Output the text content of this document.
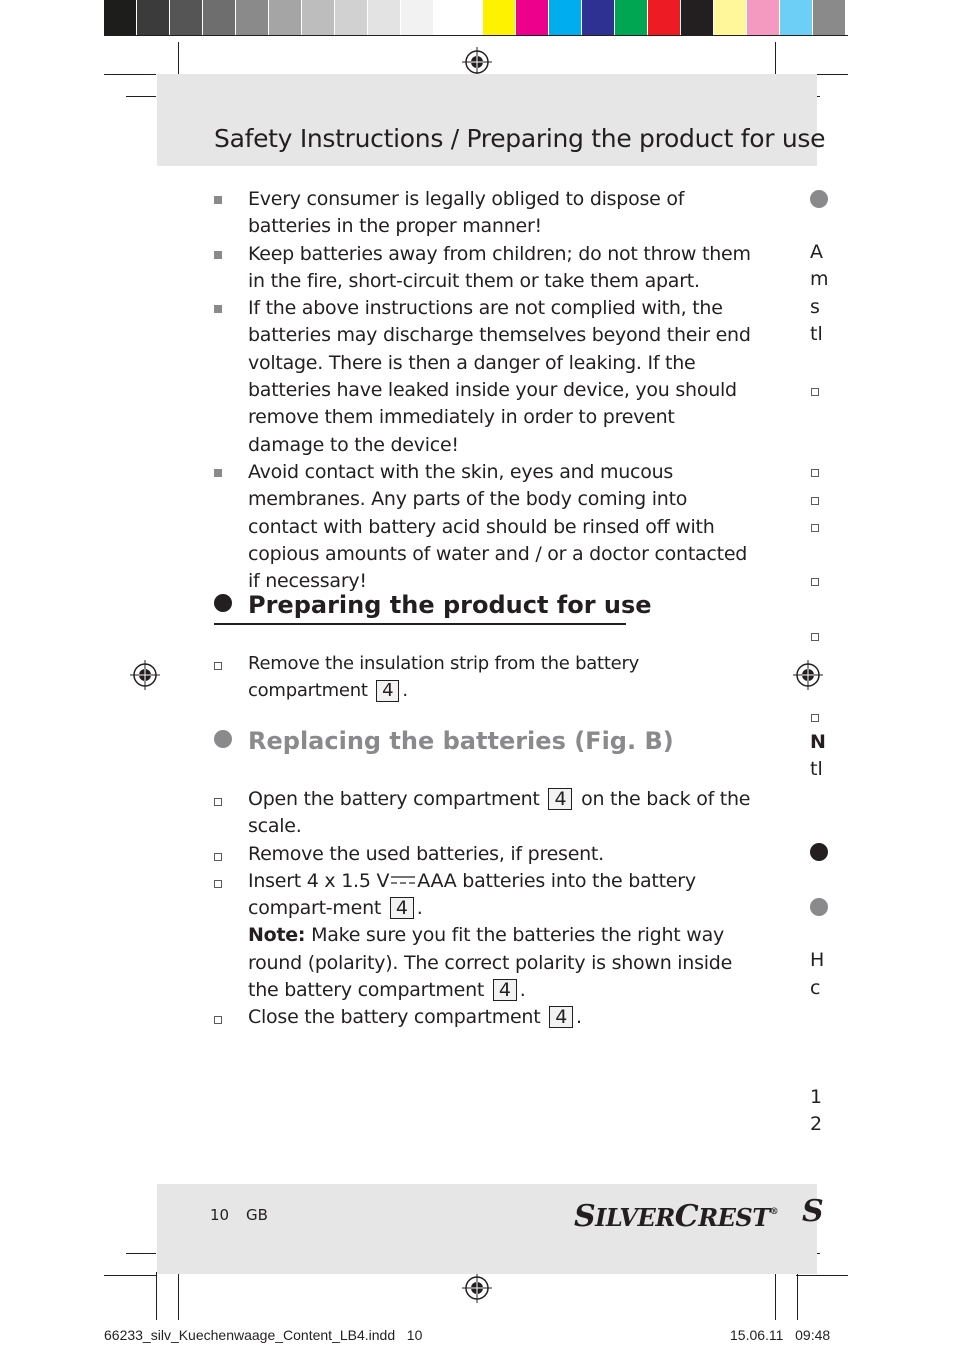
Safety Instructions / Preparing the product for use
Every consumer is legally obliged to dispose of batteries in the proper manner!
Keep batteries away from children; do not throw them in the fire, short-circuit them or take them apart.
If the above instructions are not complied with, the batteries may discharge themselves beyond their end voltage. There is then a danger of leaking. If the batteries have leaked inside your device, you should remove them immediately in order to prevent damage to the device!
Avoid contact with the skin, eyes and mucous membranes. Any parts of the body coming into contact with battery acid should be rinsed off with copious amounts of water and / or a doctor contacted if necessary!
Preparing the product for use
Remove the insulation strip from the battery compartment 4 .
Replacing the batteries (Fig. B)
Open the battery compartment 4 on the back of the scale.
Remove the used batteries, if present.
Insert 4 x 1.5 V AAA batteries into the battery compart-ment 4 .
Note: Make sure you fit the batteries the right way round (polarity). The correct polarity is shown inside the battery compartment 4 .
Close the battery compartment 4 .
A
m
s
tl
N
tl
H
c
1
2
10 GB	SILVERCREST® S
66233_silv_Kuechenwaage_Content_LB4.indd   10	15.06.11   09:48
